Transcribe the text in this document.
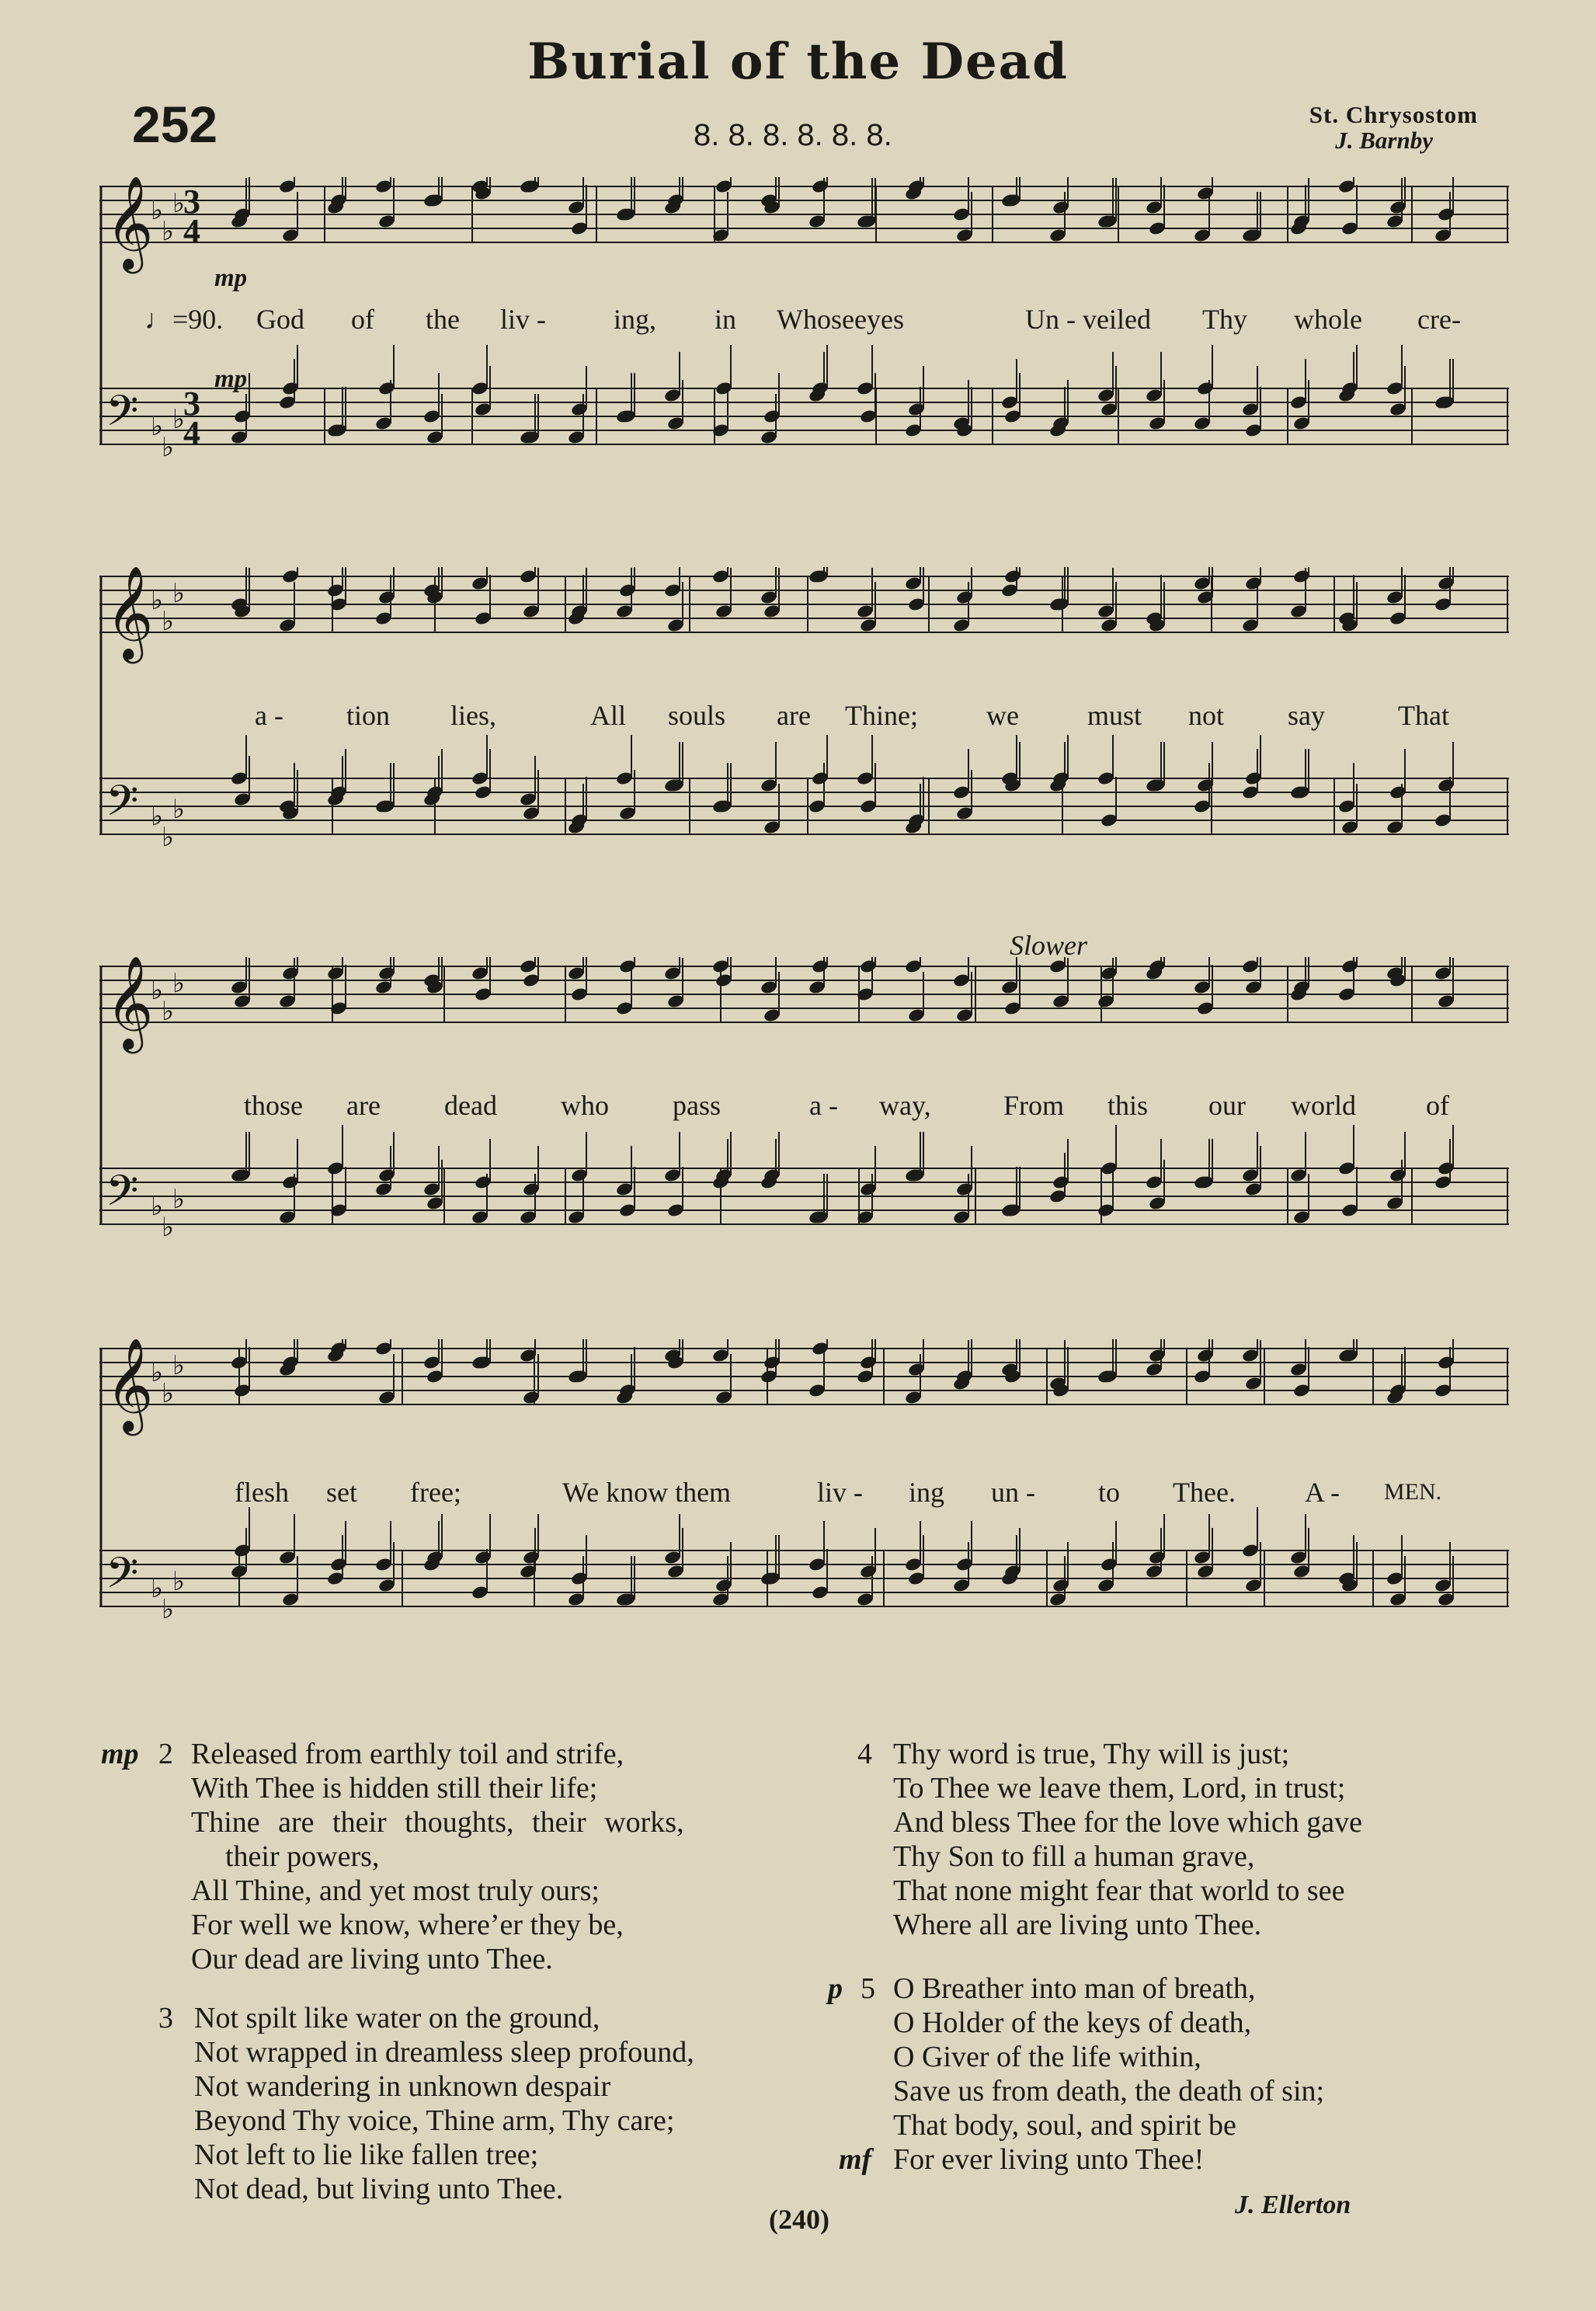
Burial of the Dead
252	8. 8. 8. 8. 8. 8.
St. Chrysostom
J. Barnby
𝄞
♭
♭
♭
3
4
𝄢 ♭
♭
♭
3
4
mp
♩=90. God of the liv - ing, in Whose eyes	Un - veiled Thy whole cre-
mp
𝄞
♭
♭
♭
𝄢 ♭
♭
♭
a - tion lies,	All souls are Thine; we must not say	That
𝄞
♭
♭
♭
𝄢 ♭
♭
♭
Slower
those are dead who pass	a - way,	From this our world	of
𝄞
♭
♭
♭
𝄢 ♭
♭
♭
flesh set free;	We know them	liv - ing un - to Thee. A - MEN.
mp 2 Released from earthly toil and strife,
With Thee is hidden still their life;
Thine are their thoughts, their works,
their powers,
All Thine, and yet most truly ours;
For well we know, where’er they be,
Our dead are living unto Thee.
3 Not spilt like water on the ground,
Not wrapped in dreamless sleep profound,
Not wandering in unknown despair
Beyond Thy voice, Thine arm, Thy care;
Not left to lie like fallen tree;
Not dead, but living unto Thee.
4 Thy word is true, Thy will is just;
To Thee we leave them, Lord, in trust;
And bless Thee for the love which gave
Thy Son to fill a human grave,
That none might fear that world to see
Where all are living unto Thee.
p 5 O Breather into man of breath,
O Holder of the keys of death,
O Giver of the life within,
Save us from death, the death of sin;
That body, soul, and spirit be
For ever living unto Thee!
mf
J. Ellerton
(240)
